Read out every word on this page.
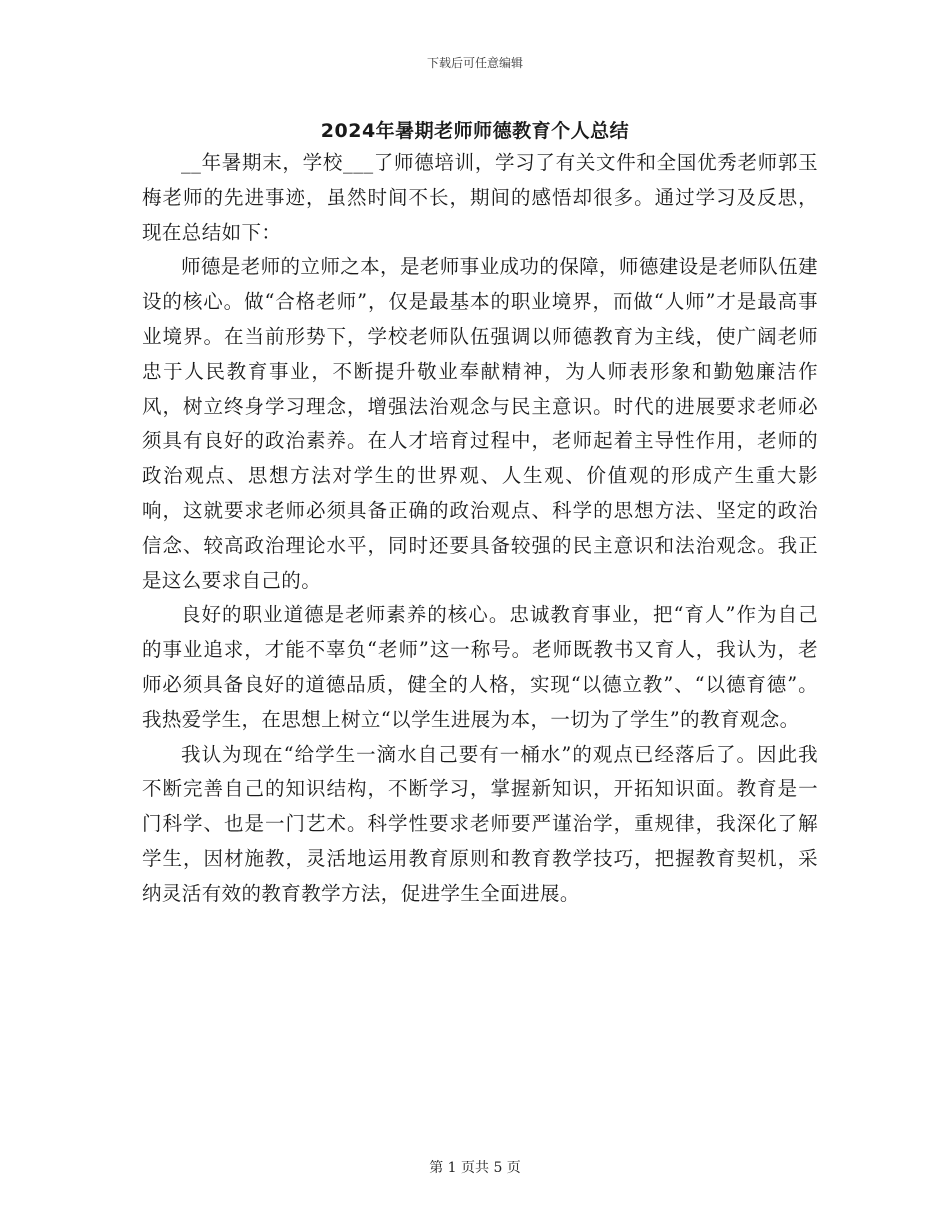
下载后可任意编辑
2024年暑期老师师德教育个人总结

__年暑期末，学校___了师德培训，学习了有关文件和全国优秀老师郭玉梅老师的先进事迹，虽然时间不长，期间的感悟却很多。通过学习及反思，现在总结如下：

师德是老师的立师之本，是老师事业成功的保障，师德建设是老师队伍建设的核心。做“合格老师”，仅是最基本的职业境界，而做“人师”才是最高事业境界。在当前形势下，学校老师队伍强调以师德教育为主线，使广阔老师忠于人民教育事业，不断提升敬业奉献精神，为人师表形象和勤勉廉洁作风，树立终身学习理念，增强法治观念与民主意识。时代的进展要求老师必须具有良好的政治素养。在人才培育过程中，老师起着主导性作用，老师的政治观点、思想方法对学生的世界观、人生观、价值观的形成产生重大影响，这就要求老师必须具备正确的政治观点、科学的思想方法、坚定的政治信念、较高政治理论水平，同时还要具备较强的民主意识和法治观念。我正是这么要求自己的。

良好的职业道德是老师素养的核心。忠诚教育事业，把“育人”作为自己的事业追求，才能不辜负“老师”这一称号。老师既教书又育人，我认为，老师必须具备良好的道德品质，健全的人格，实现“以德立教”、“以德育德”。我热爱学生，在思想上树立“以学生进展为本，一切为了学生”的教育观念。

我认为现在“给学生一滴水自己要有一桶水”的观点已经落后了。因此我不断完善自己的知识结构，不断学习，掌握新知识，开拓知识面。教育是一门科学、也是一门艺术。科学性要求老师要严谨治学，重规律，我深化了解学生，因材施教，灵活地运用教育原则和教育教学技巧，把握教育契机，采纳灵活有效的教育教学方法，促进学生全面进展。

第 1 页共 5 页
